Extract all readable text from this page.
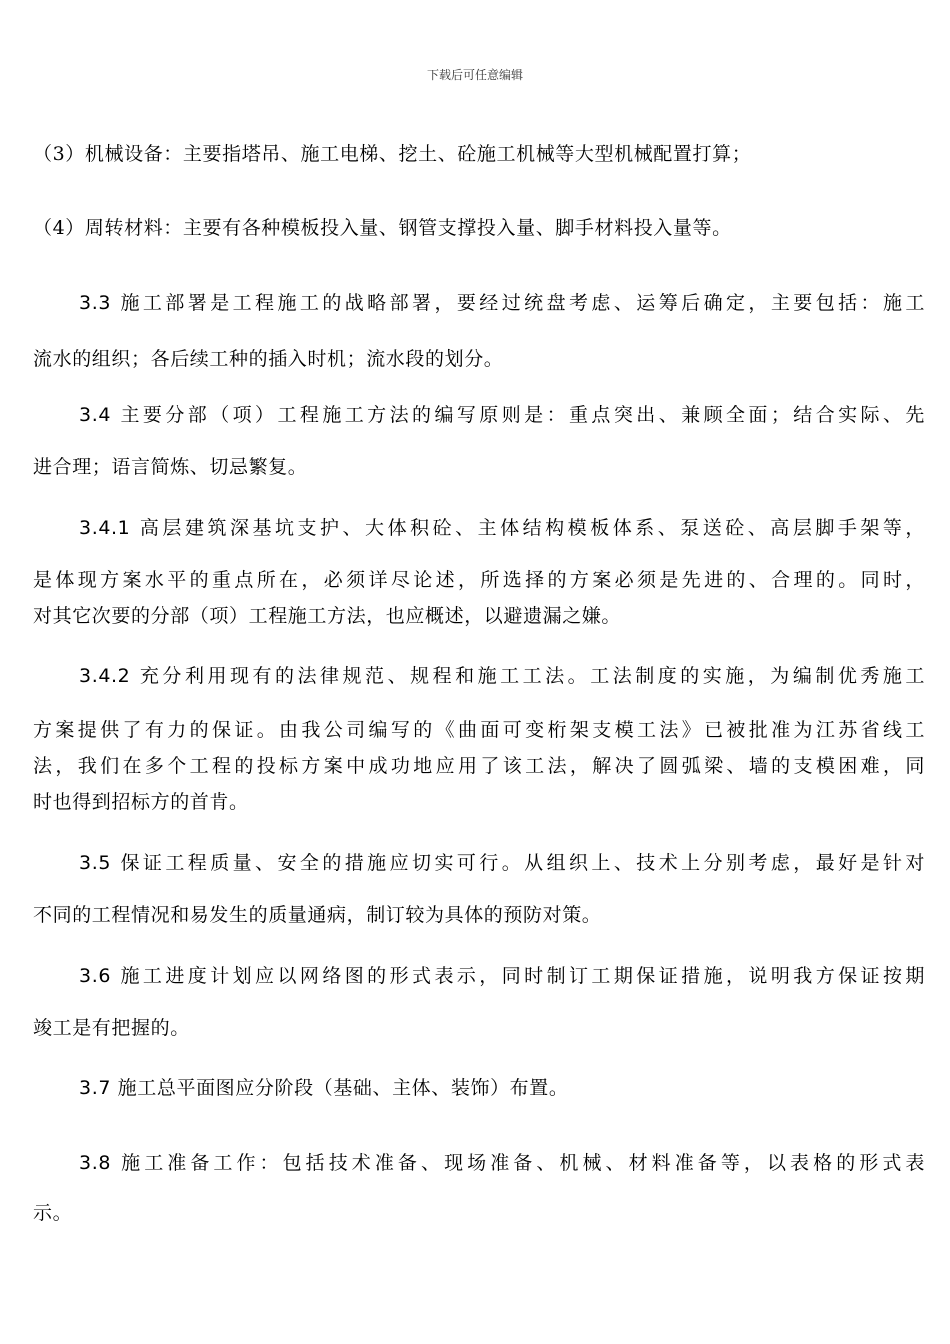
下载后可任意编辑
（3）机械设备：主要指塔吊、施工电梯、挖土、砼施工机械等大型机械配置打算；
（4）周转材料：主要有各种模板投入量、钢管支撑投入量、脚手材料投入量等。
3.3 施工部署是工程施工的战略部署，要经过统盘考虑、运筹后确定，主要包括：施工
流水的组织；各后续工种的插入时机；流水段的划分。
3.4 主要分部（项）工程施工方法的编写原则是：重点突出、兼顾全面；结合实际、先
进合理；语言简炼、切忌繁复。
3.4.1 高层建筑深基坑支护、大体积砼、主体结构模板体系、泵送砼、高层脚手架等，
是体现方案水平的重点所在，必须详尽论述，所选择的方案必须是先进的、合理的。同时，
对其它次要的分部（项）工程施工方法，也应概述，以避遗漏之嫌。
3.4.2 充分利用现有的法律规范、规程和施工工法。工法制度的实施，为编制优秀施工
方案提供了有力的保证。由我公司编写的《曲面可变桁架支模工法》已被批准为江苏省线工
法，我们在多个工程的投标方案中成功地应用了该工法，解决了圆弧梁、墙的支模困难，同
时也得到招标方的首肯。
3.5 保证工程质量、安全的措施应切实可行。从组织上、技术上分别考虑，最好是针对
不同的工程情况和易发生的质量通病，制订较为具体的预防对策。
3.6 施工进度计划应以网络图的形式表示，同时制订工期保证措施，说明我方保证按期
竣工是有把握的。
3.7 施工总平面图应分阶段（基础、主体、装饰）布置。
3.8 施工准备工作：包括技术准备、现场准备、机械、材料准备等，以表格的形式表
示。
